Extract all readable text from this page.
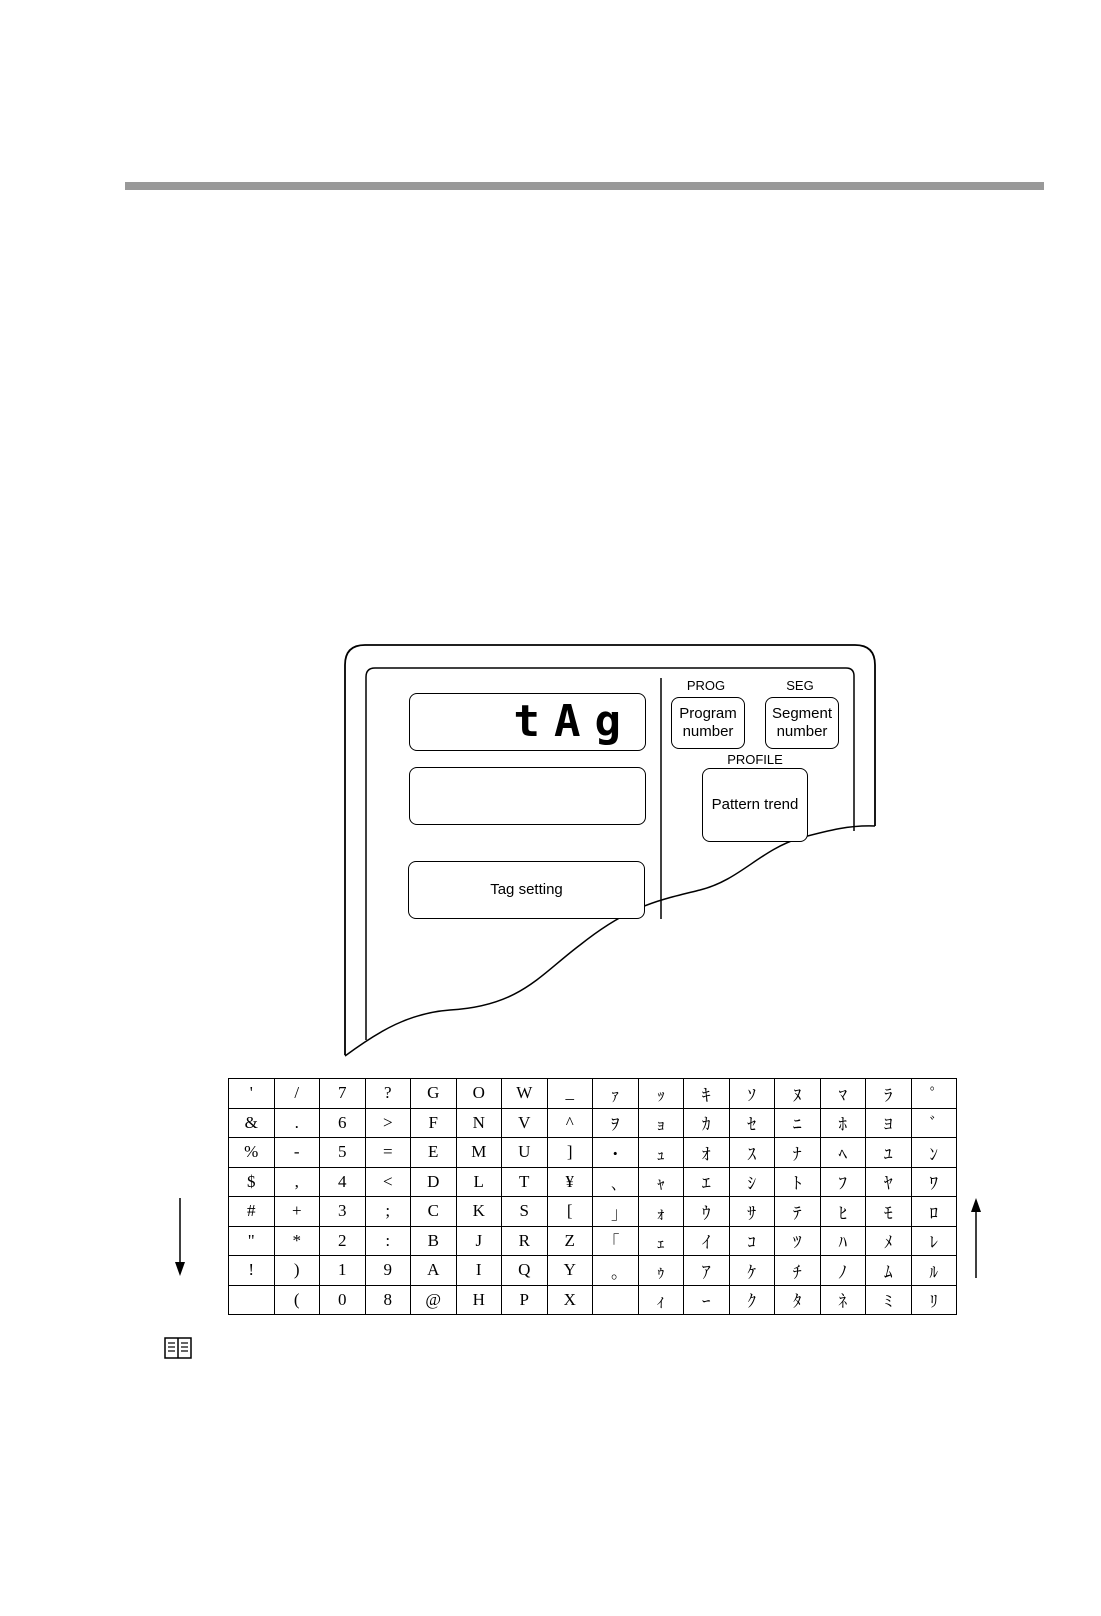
tAg
Tag setting
PROG	SEG
Program number
Segment number
PROFILE
Pattern trend
'	/	7	?	G	O	W	_	ｧ	ｯ	ｷ	ｿ	ﾇ	ﾏ	ﾗ	ﾟ
&	.	6	>	F	N	V	^	ｦ	ｮ	ｶ	ｾ	ﾆ	ﾎ	ﾖ	ﾞ
%	-	5	=	E	M	U	]	･	ｭ	ｵ	ｽ	ﾅ	ﾍ	ﾕ	ﾝ
$	,	4	<	D	L	T	¥	､	ｬ	ｴ	ｼ	ﾄ	ﾌ	ﾔ	ﾜ
#	+	3	;	C	K	S	[	｣	ｫ	ｳ	ｻ	ﾃ	ﾋ	ﾓ	ﾛ
"	*	2	:	B	J	R	Z	｢	ｪ	ｲ	ｺ	ﾂ	ﾊ	ﾒ	ﾚ
!	)	1	9	A	I	Q	Y	｡	ｩ	ｱ	ｹ	ﾁ	ﾉ	ﾑ	ﾙ
	(	0	8	@	H	P	X		ｨ	ｰ	ｸ	ﾀ	ﾈ	ﾐ	ﾘ
